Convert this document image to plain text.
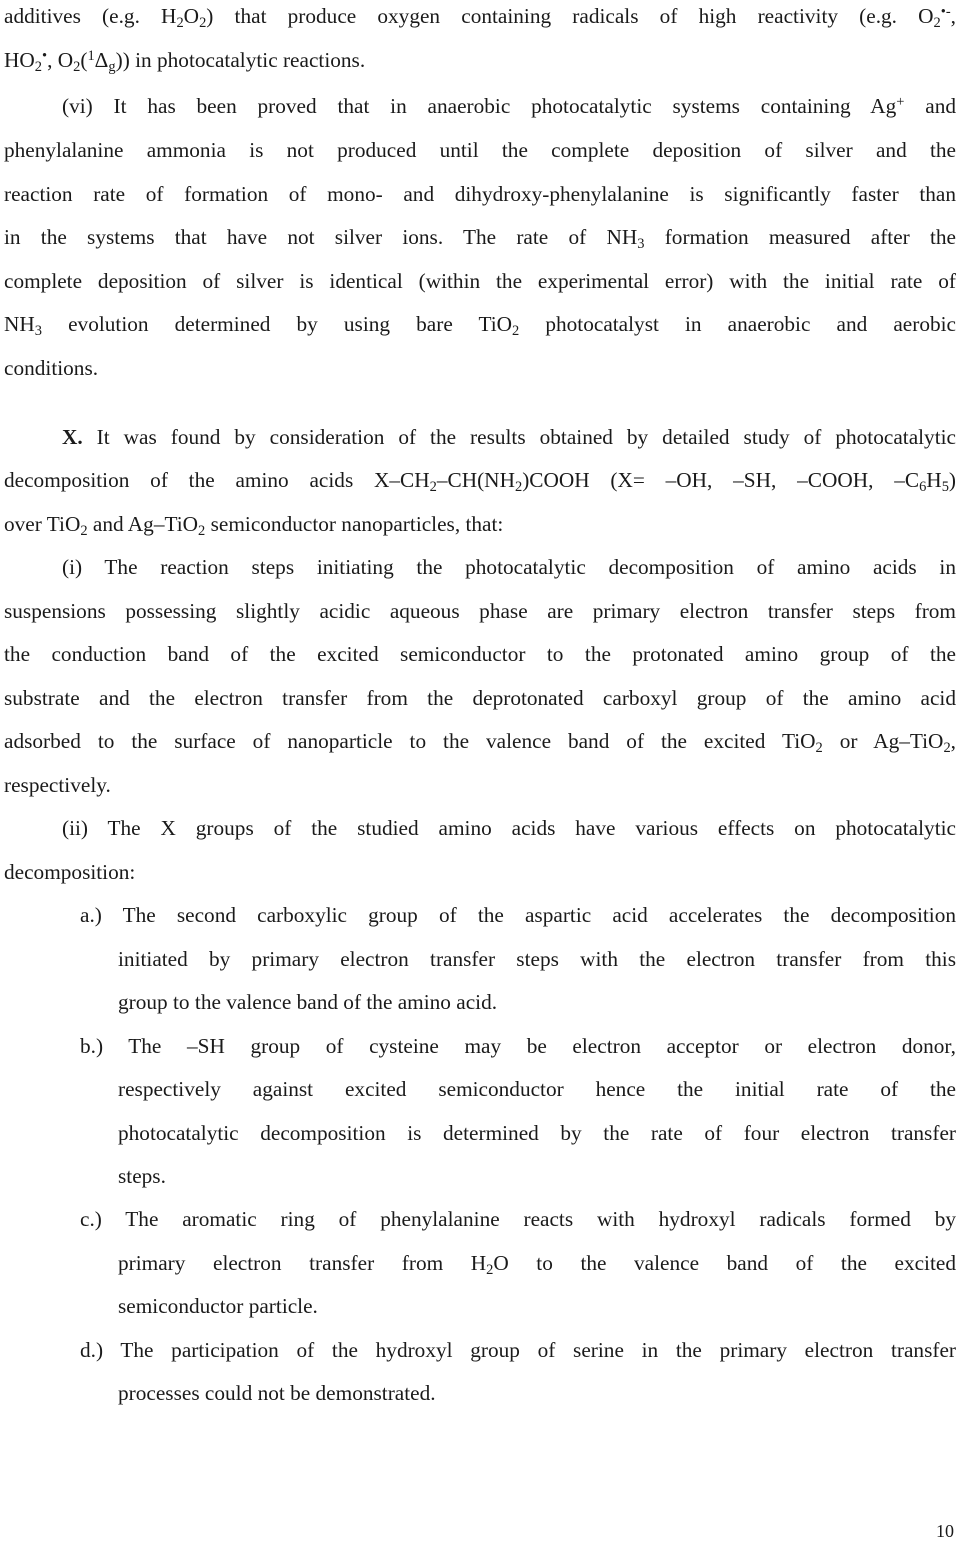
additives (e.g. $H_2O_2$) that produce oxygen containing radicals of high reactivity (e.g. $O_2^{•-}$,
$HO_2^•$, $O_2(^1\Delta_g)$) in photocatalytic reactions.
(vi) It has been proved that in anaerobic photocatalytic systems containing Ag+ and
phenylalanine ammonia is not produced until the complete deposition of silver and the
reaction rate of formation of mono- and dihydroxy-phenylalanine is significantly faster than
in the systems that have not silver ions. The rate of $NH_3$ formation measured after the
complete deposition of silver is identical (within the experimental error) with the initial rate of
$NH_3$ evolution determined by using bare TiO$_2$ photocatalyst in anaerobic and aerobic
conditions.
X. It was found by consideration of the results obtained by detailed study of photocatalytic
decomposition of the amino acids $X-CH_2-CH(NH_2)COOH$ (X= –OH, –SH, –COOH, $-C_6H_5$)
over TiO$_2$ and Ag–TiO$_2$ semiconductor nanoparticles, that:
(i) The reaction steps initiating the photocatalytic decomposition of amino acids in
suspensions possessing slightly acidic aqueous phase are primary electron transfer steps from
the conduction band of the excited semiconductor to the protonated amino group of the
substrate and the electron transfer from the deprotonated carboxyl group of the amino acid
adsorbed to the surface of nanoparticle to the valence band of the excited TiO$_2$ or Ag–TiO$_2$,
respectively.
(ii) The X groups of the studied amino acids have various effects on photocatalytic
decomposition:
a.) The second carboxylic group of the aspartic acid accelerates the decomposition
initiated by primary electron transfer steps with the electron transfer from this
group to the valence band of the amino acid.
b.) The –SH group of cysteine may be electron acceptor or electron donor,
respectively against excited semiconductor hence the initial rate of the
photocatalytic decomposition is determined by the rate of four electron transfer
steps.
c.) The aromatic ring of phenylalanine reacts with hydroxyl radicals formed by
primary electron transfer from $H_2O$ to the valence band of the excited
semiconductor particle.
d.) The participation of the hydroxyl group of serine in the primary electron transfer
processes could not be demonstrated.
10
